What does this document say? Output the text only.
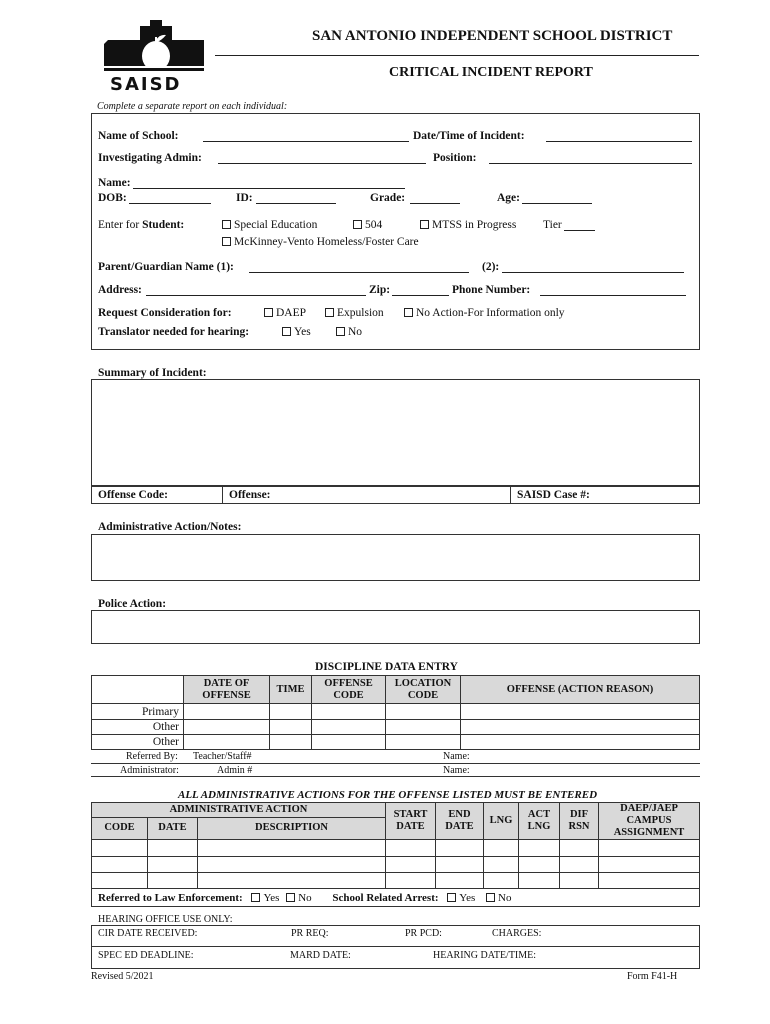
SAISD
SAN ANTONIO INDEPENDENT SCHOOL DISTRICT
CRITICAL INCIDENT REPORT
Complete a separate report on each individual:
Name of School:	Date/Time of Incident:
Investigating Admin:	Position:
Name:
DOB:	ID:	Grade:	Age:
Enter for Student:	Special Education	504	MTSS in Progress Tier
McKinney-Vento Homeless/Foster Care
Parent/Guardian Name (1):	(2):
Address:	Zip:	Phone Number:
Request Consideration for:	DAEP	Expulsion	No Action-For Information only
Translator needed for hearing:	Yes	No
Summary of Incident:
Offense Code:	Offense:	SAISD Case #:
Administrative Action/Notes:
Police Action:
DISCIPLINE DATA ENTRY
	DATE OF OFFENSE	TIME	OFFENSE CODE	LOCATION CODE	OFFENSE (ACTION REASON)
Primary					
Other					
Other					
Referred By: Teacher/Staff#	Name:
Administrator:	Admin #	Name:
ALL ADMINISTRATIVE ACTIONS FOR THE OFFENSE LISTED MUST BE ENTERED
ADMINISTRATIVE ACTION			START DATE	END DATE	LNG	ACT LNG	DIF RSN	DAEP/JAEP CAMPUS ASSIGNMENT
CODE	DATE	DESCRIPTION						

Referred to Law Enforcement: Yes No School Related Arrest: Yes No								
HEARING OFFICE USE ONLY:
CIR DATE RECEIVED:	PR REQ:	PR PCD:	CHARGES:
SPEC ED DEADLINE:	MARD DATE:	HEARING DATE/TIME:
Revised 5/2021	Form F41-H
